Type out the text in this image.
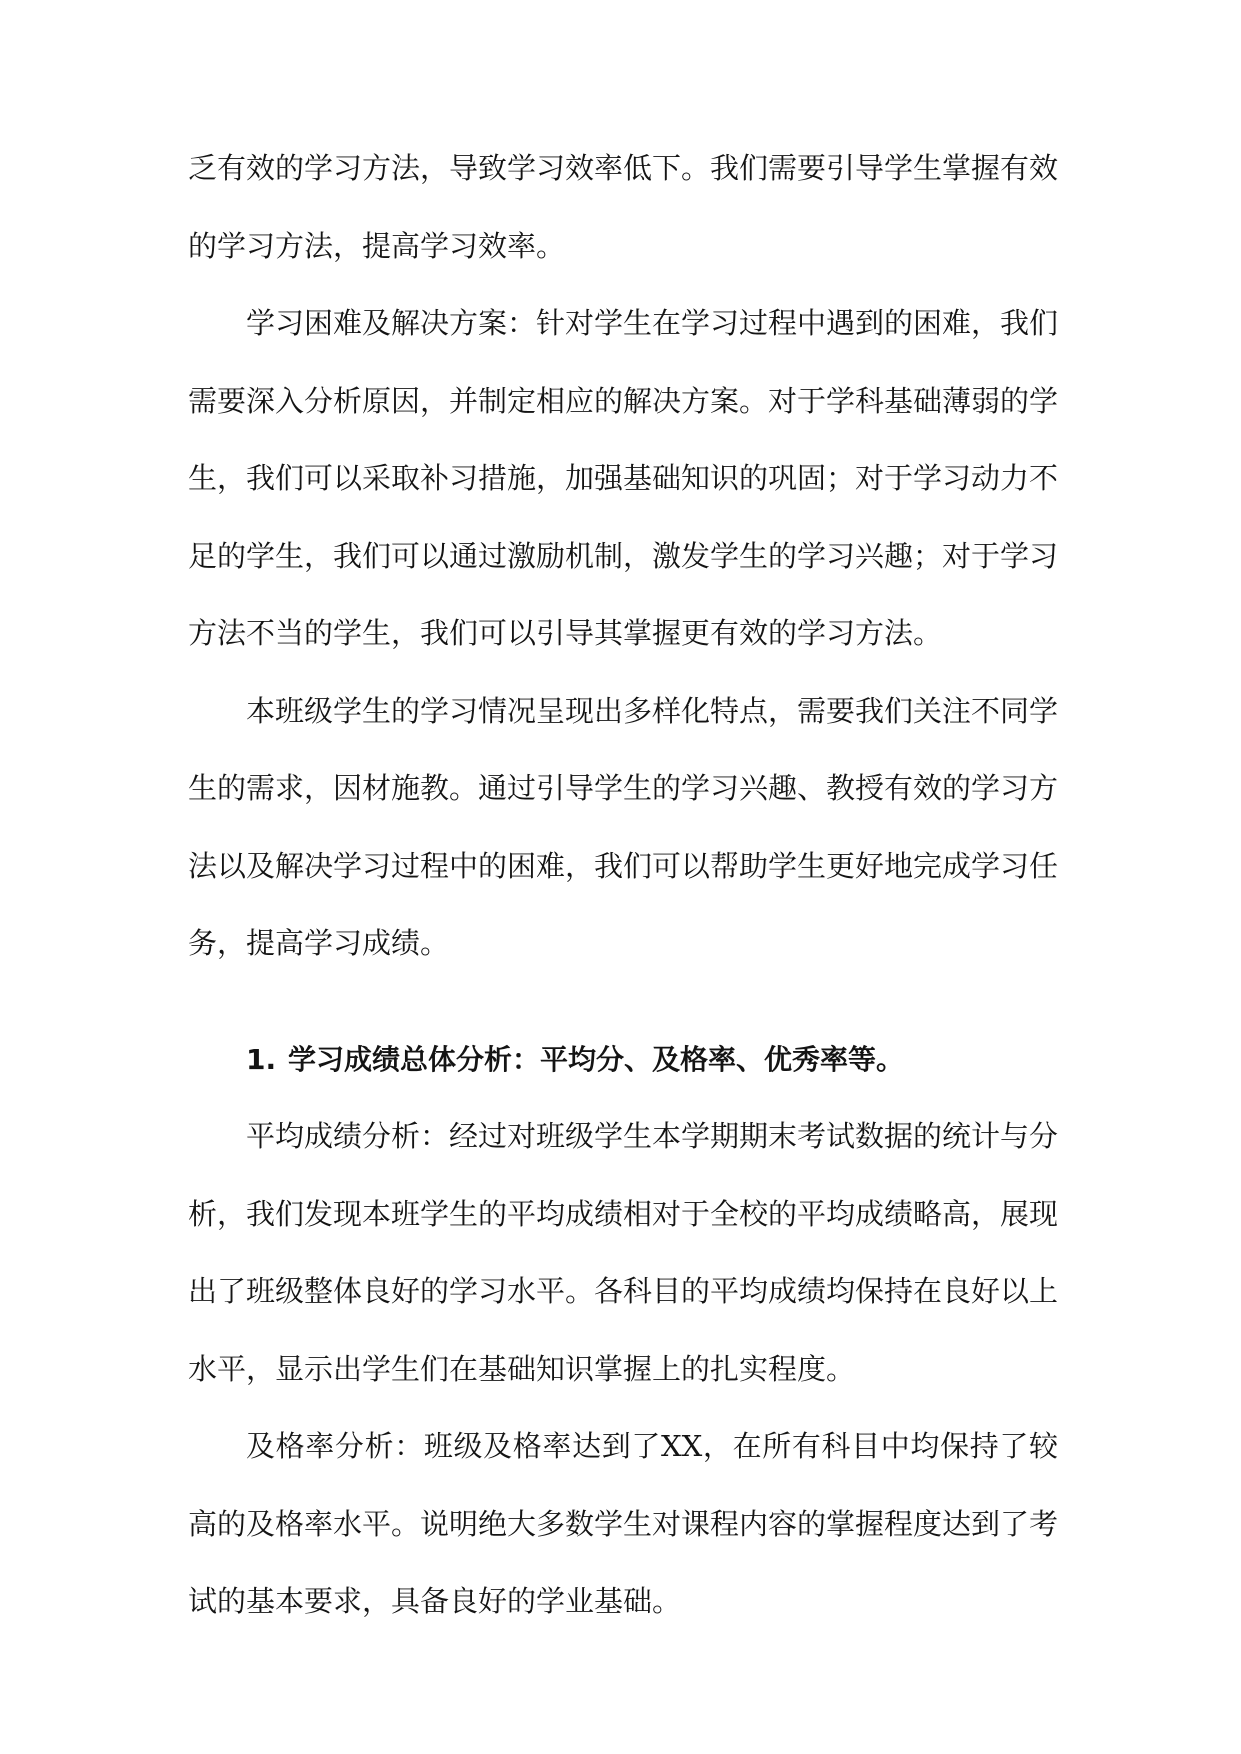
乏有效的学习方法，导致学习效率低下。我们需要引导学生掌握有效的学习方法，提高学习效率。

学习困难及解决方案：针对学生在学习过程中遇到的困难，我们需要深入分析原因，并制定相应的解决方案。对于学科基础薄弱的学生，我们可以采取补习措施，加强基础知识的巩固；对于学习动力不足的学生，我们可以通过激励机制，激发学生的学习兴趣；对于学习方法不当的学生，我们可以引导其掌握更有效的学习方法。

本班级学生的学习情况呈现出多样化特点，需要我们关注不同学生的需求，因材施教。通过引导学生的学习兴趣、教授有效的学习方法以及解决学习过程中的困难，我们可以帮助学生更好地完成学习任务，提高学习成绩。

1. 学习成绩总体分析：平均分、及格率、优秀率等。

平均成绩分析：经过对班级学生本学期期末考试数据的统计与分析，我们发现本班学生的平均成绩相对于全校的平均成绩略高，展现出了班级整体良好的学习水平。各科目的平均成绩均保持在良好以上水平，显示出学生们在基础知识掌握上的扎实程度。

及格率分析：班级及格率达到了XX，在所有科目中均保持了较高的及格率水平。说明绝大多数学生对课程内容的掌握程度达到了考试的基本要求，具备良好的学业基础。
